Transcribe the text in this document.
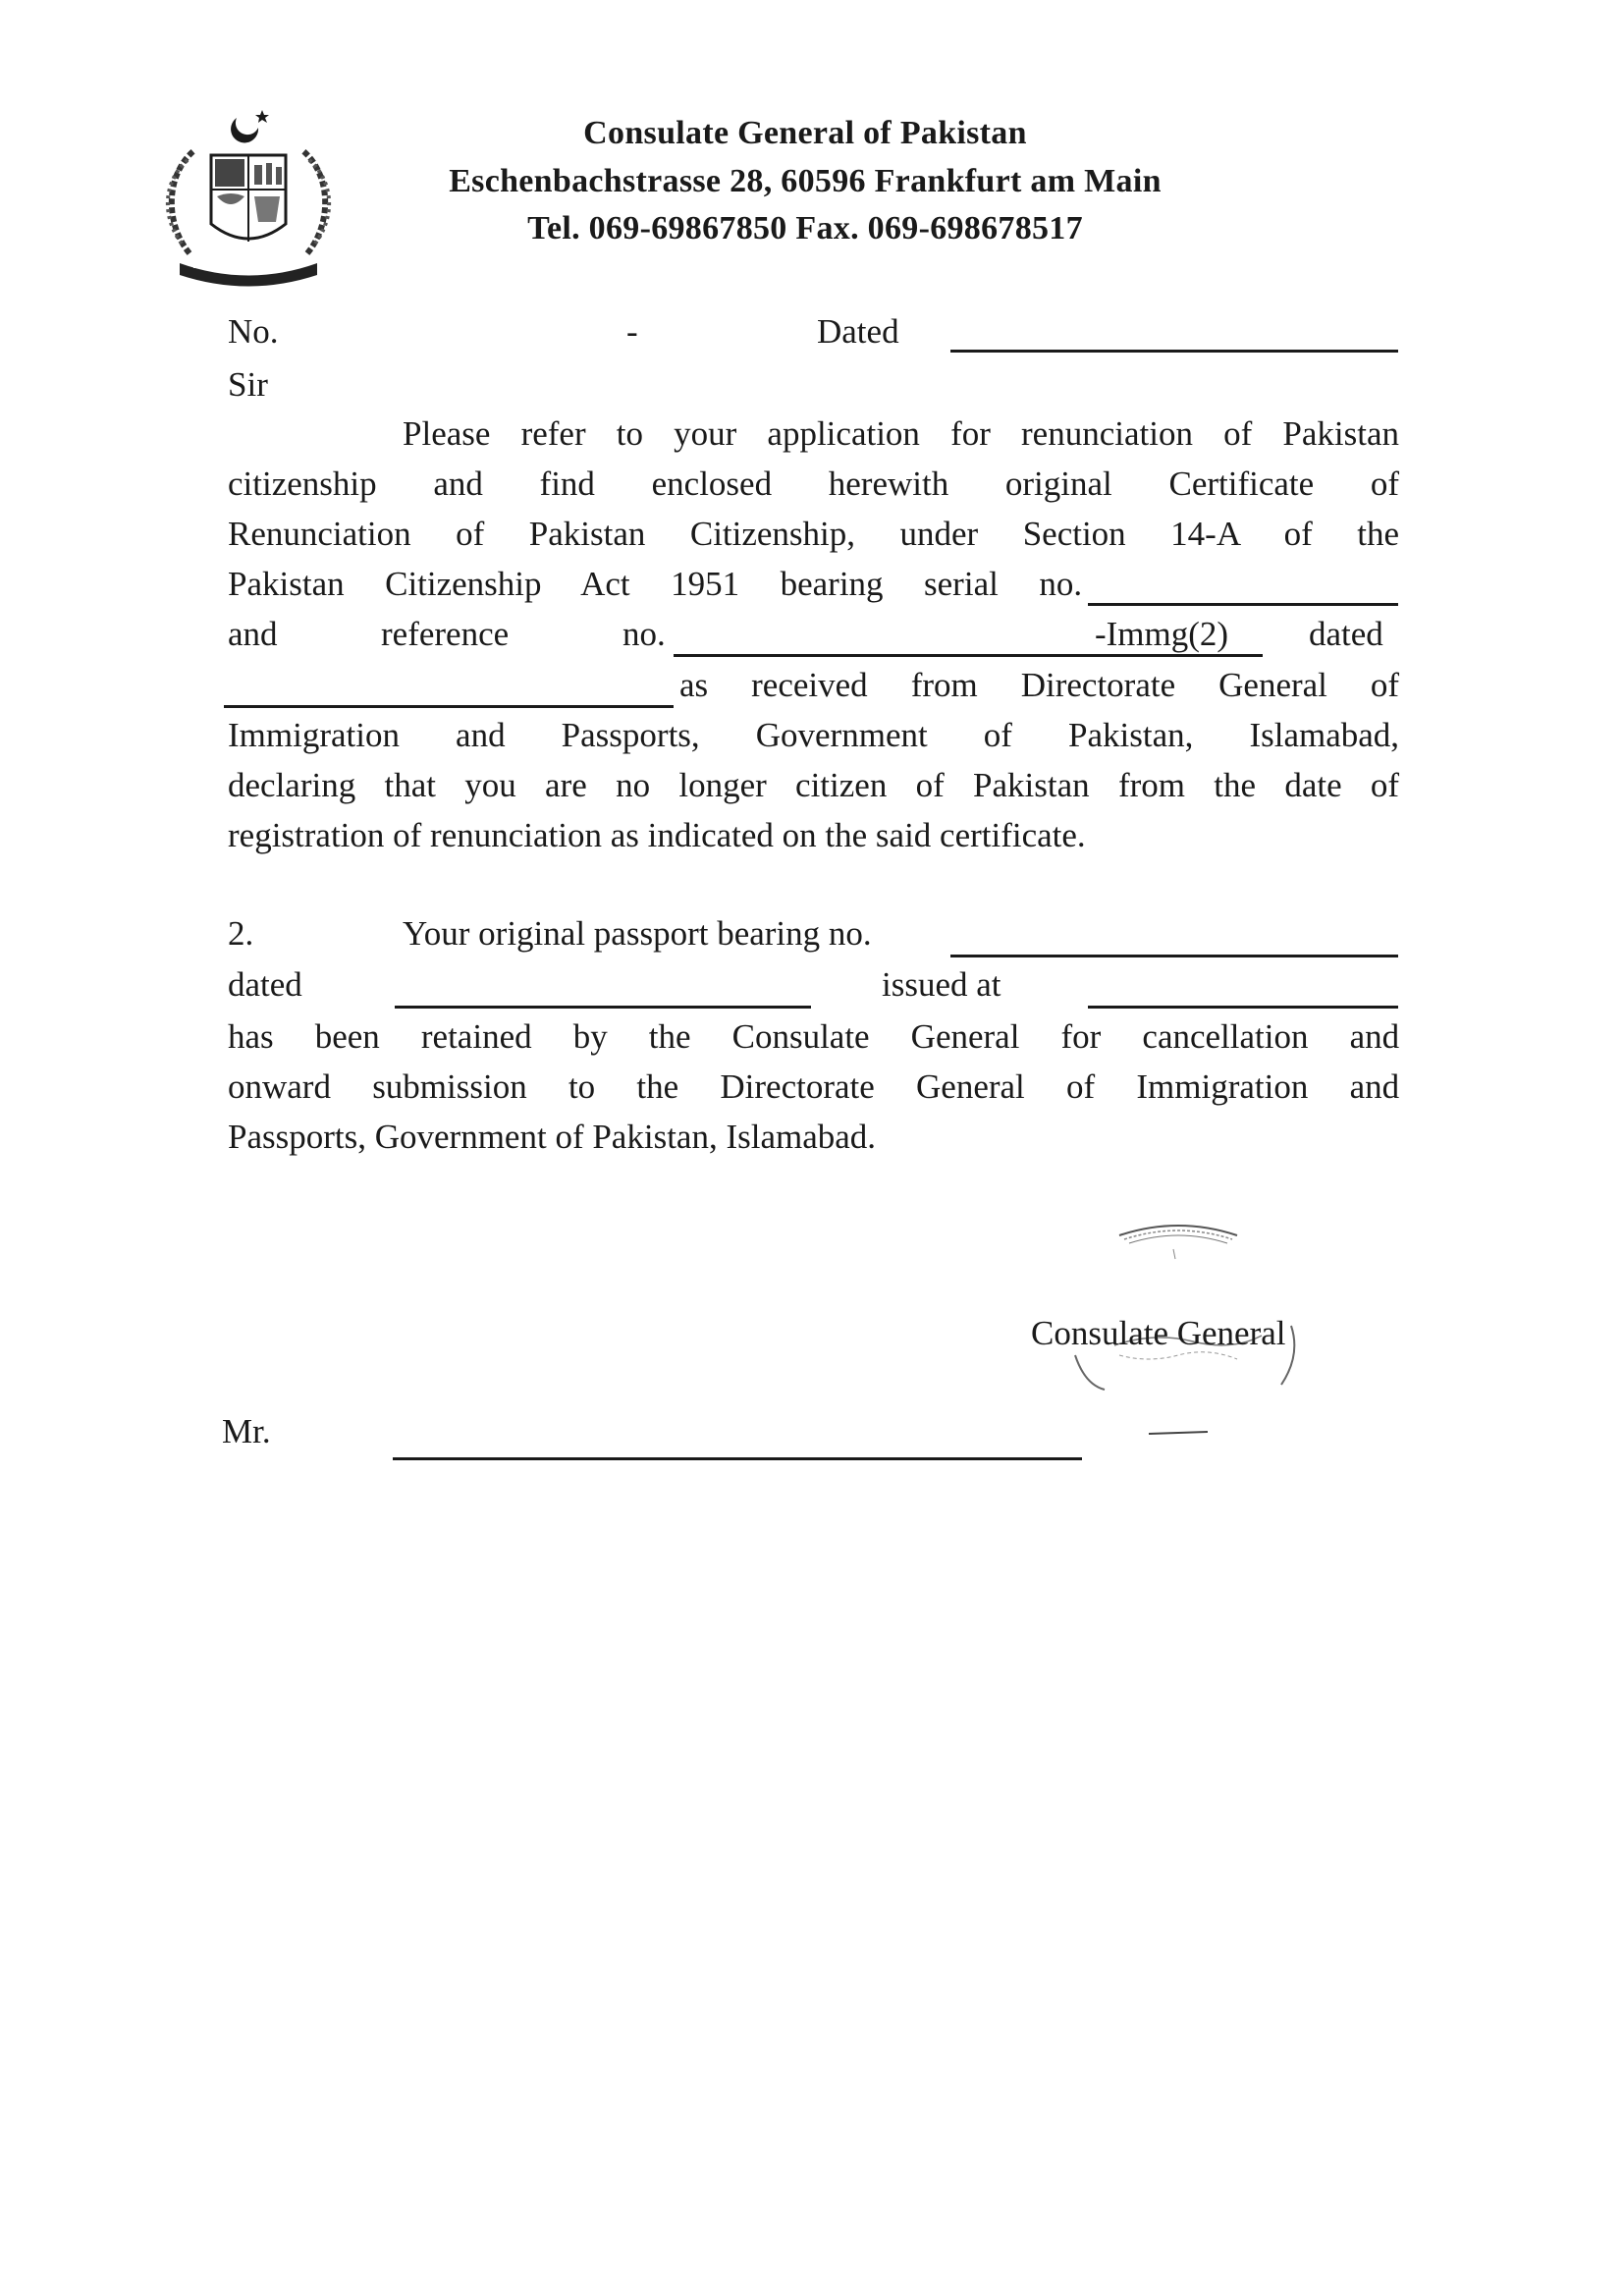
Consulate General of Pakistan
Eschenbachstrasse 28, 60596 Frankfurt am Main
Tel. 069-69867850 Fax. 069-698678517
No.	-	Dated
Sir
Please refer to your application for renunciation of Pakistan
citizenship and find enclosed herewith original Certificate of
Renunciation of Pakistan Citizenship, under Section 14-A of the
Pakistan Citizenship Act 1951 bearing serial no.
and	reference	no.	-Immg(2) dated
as received from Directorate General of
Immigration and Passports, Government of Pakistan, Islamabad,
declaring that you are no longer citizen of Pakistan from the date of
registration of renunciation as indicated on the said certificate.
2.	Your original passport bearing no.
dated	issued at
has been retained by the Consulate General for cancellation and
onward submission to the Directorate General of Immigration and
Passports, Government of Pakistan, Islamabad.
Consulate General
Mr.
